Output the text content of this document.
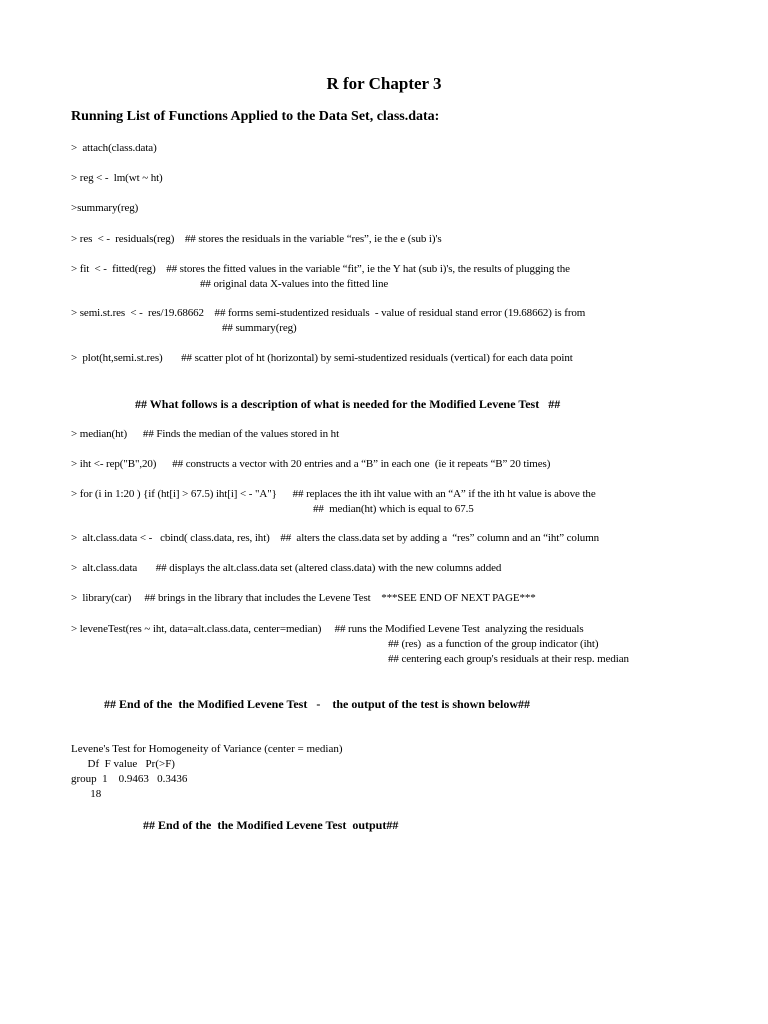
R for Chapter 3
Running List of Functions Applied to the Data Set, class.data:
>  attach(class.data)
> reg < -  lm(wt ~ ht)
>summary(reg)
> res  < -  residuals(reg)    ## stores the residuals in the variable “res”, ie the e (sub i)'s
> fit  < -  fitted(reg)    ## stores the fitted values in the variable “fit”, ie the Y hat (sub i)'s, the results of plugging the
## original data X-values into the fitted line
> semi.st.res  < -  res/19.68662    ## forms semi-studentized residuals  - value of residual stand error (19.68662) is from
## summary(reg)
>  plot(ht,semi.st.res)       ## scatter plot of ht (horizontal) by semi-studentized residuals (vertical) for each data point
## What follows is a description of what is needed for the Modified Levene Test   ##
> median(ht)      ## Finds the median of the values stored in ht
> iht <- rep("B",20)      ## constructs a vector with 20 entries and a “B” in each one  (ie it repeats “B” 20 times)
> for (i in 1:20 ) {if (ht[i] > 67.5) iht[i] < - "A"}      ## replaces the ith iht value with an “A” if the ith ht value is above the
##  median(ht) which is equal to 67.5
>  alt.class.data < -   cbind( class.data, res, iht)    ##  alters the class.data set by adding a  “res” column and an “iht” column
>  alt.class.data       ## displays the alt.class.data set (altered class.data) with the new columns added
>  library(car)     ## brings in the library that includes the Levene Test    ***SEE END OF NEXT PAGE***
> leveneTest(res ~ iht, data=alt.class.data, center=median)     ## runs the Modified Levene Test  analyzing the residuals
## (res)  as a function of the group indicator (iht)
## centering each group's residuals at their resp. median
## End of the  the Modified Levene Test   -    the output of the test is shown below##
Levene's Test for Homogeneity of Variance (center = median)
Df  F value   Pr(>F)
group  1    0.9463   0.3436
18
## End of the  the Modified Levene Test  output##
